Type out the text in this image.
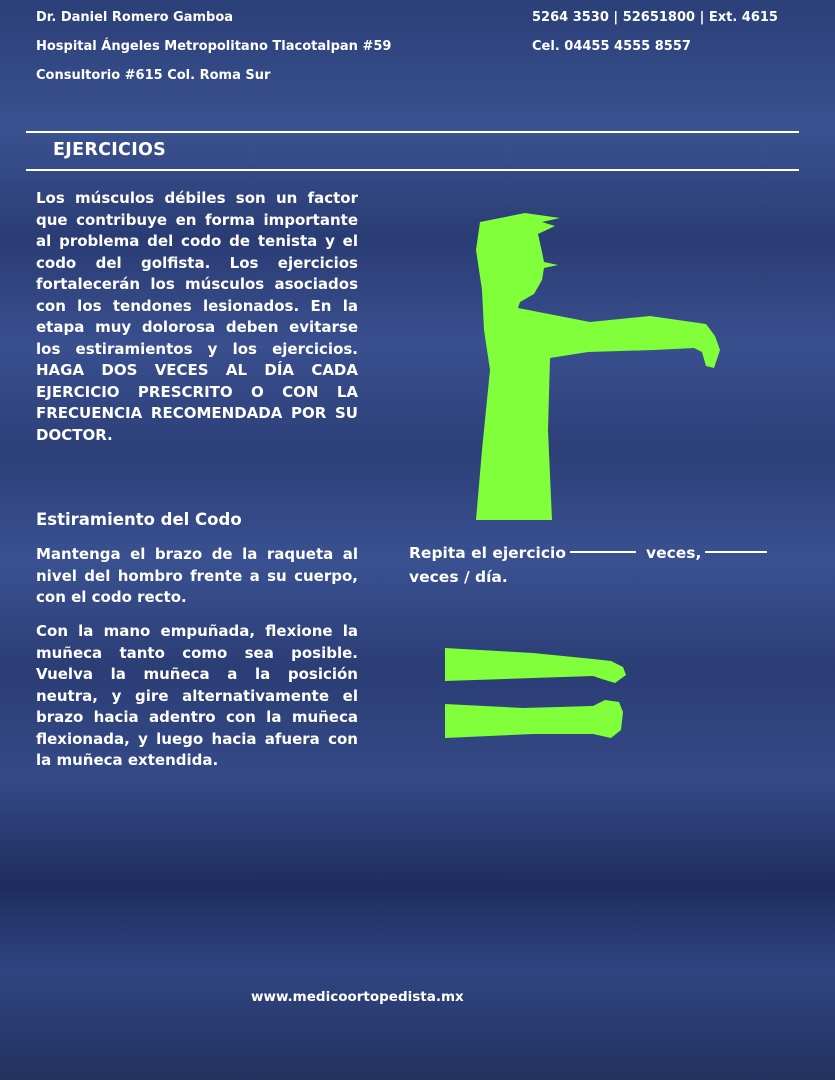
Dr. Daniel Romero Gamboa
Hospital Ángeles Metropolitano Tlacotalpan #59
Consultorio #615 Col. Roma Sur
5264 3530 | 52651800 | Ext. 4615
Cel. 04455 4555 8557
EJERCICIOS

Los músculos débiles son un factor que contribuye en forma importante al problema del codo de tenista y el codo del golfista. Los ejercicios fortalecerán los músculos asociados con los tendones lesionados. En la etapa muy dolorosa deben evitarse los estiramientos y los ejercicios. HAGA DOS VECES AL DÍA CADA EJERCICIO PRESCRITO O CON LA FRECUENCIA RECOMENDADA POR SU DOCTOR.

Estiramiento del Codo

Mantenga el brazo de la raqueta al nivel del hombro frente a su cuerpo, con el codo recto.

Con la mano empuñada, flexione la muñeca tanto como sea posible. Vuelva la muñeca a la posición neutra, y gire alternativamente el brazo hacia adentro con la muñeca flexionada, y luego hacia afuera con la muñeca extendida.

Repita el ejercicio	veces,
veces / día.
www.medicoortopedista.mx
